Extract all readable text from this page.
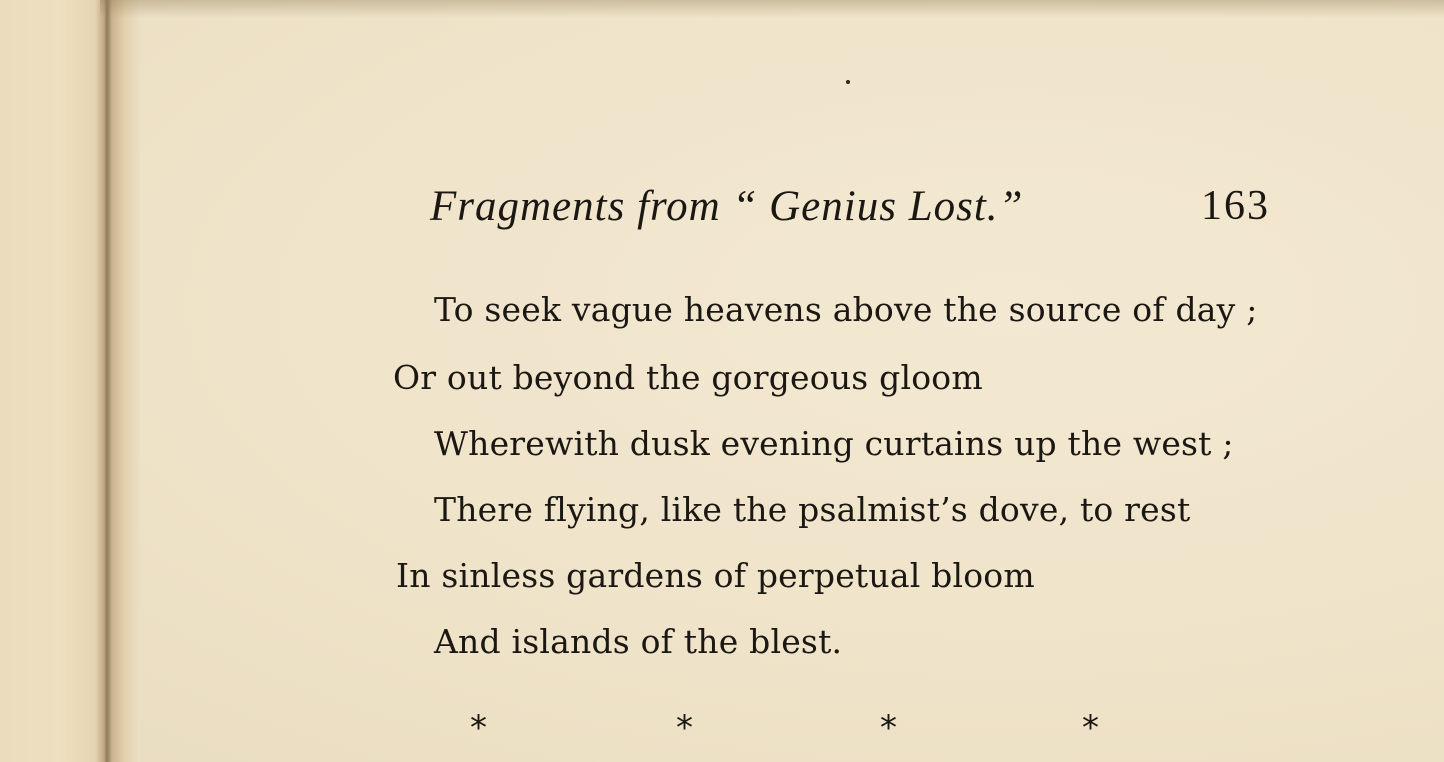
Fragments from “ Genius Lost.”	163
To seek vague heavens above the source of day ;
Or out beyond the gorgeous gloom
Wherewith dusk evening curtains up the west ;
There flying, like the psalmist’s dove, to rest
In sinless gardens of perpetual bloom
And islands of the blest.
*	*	*	*
